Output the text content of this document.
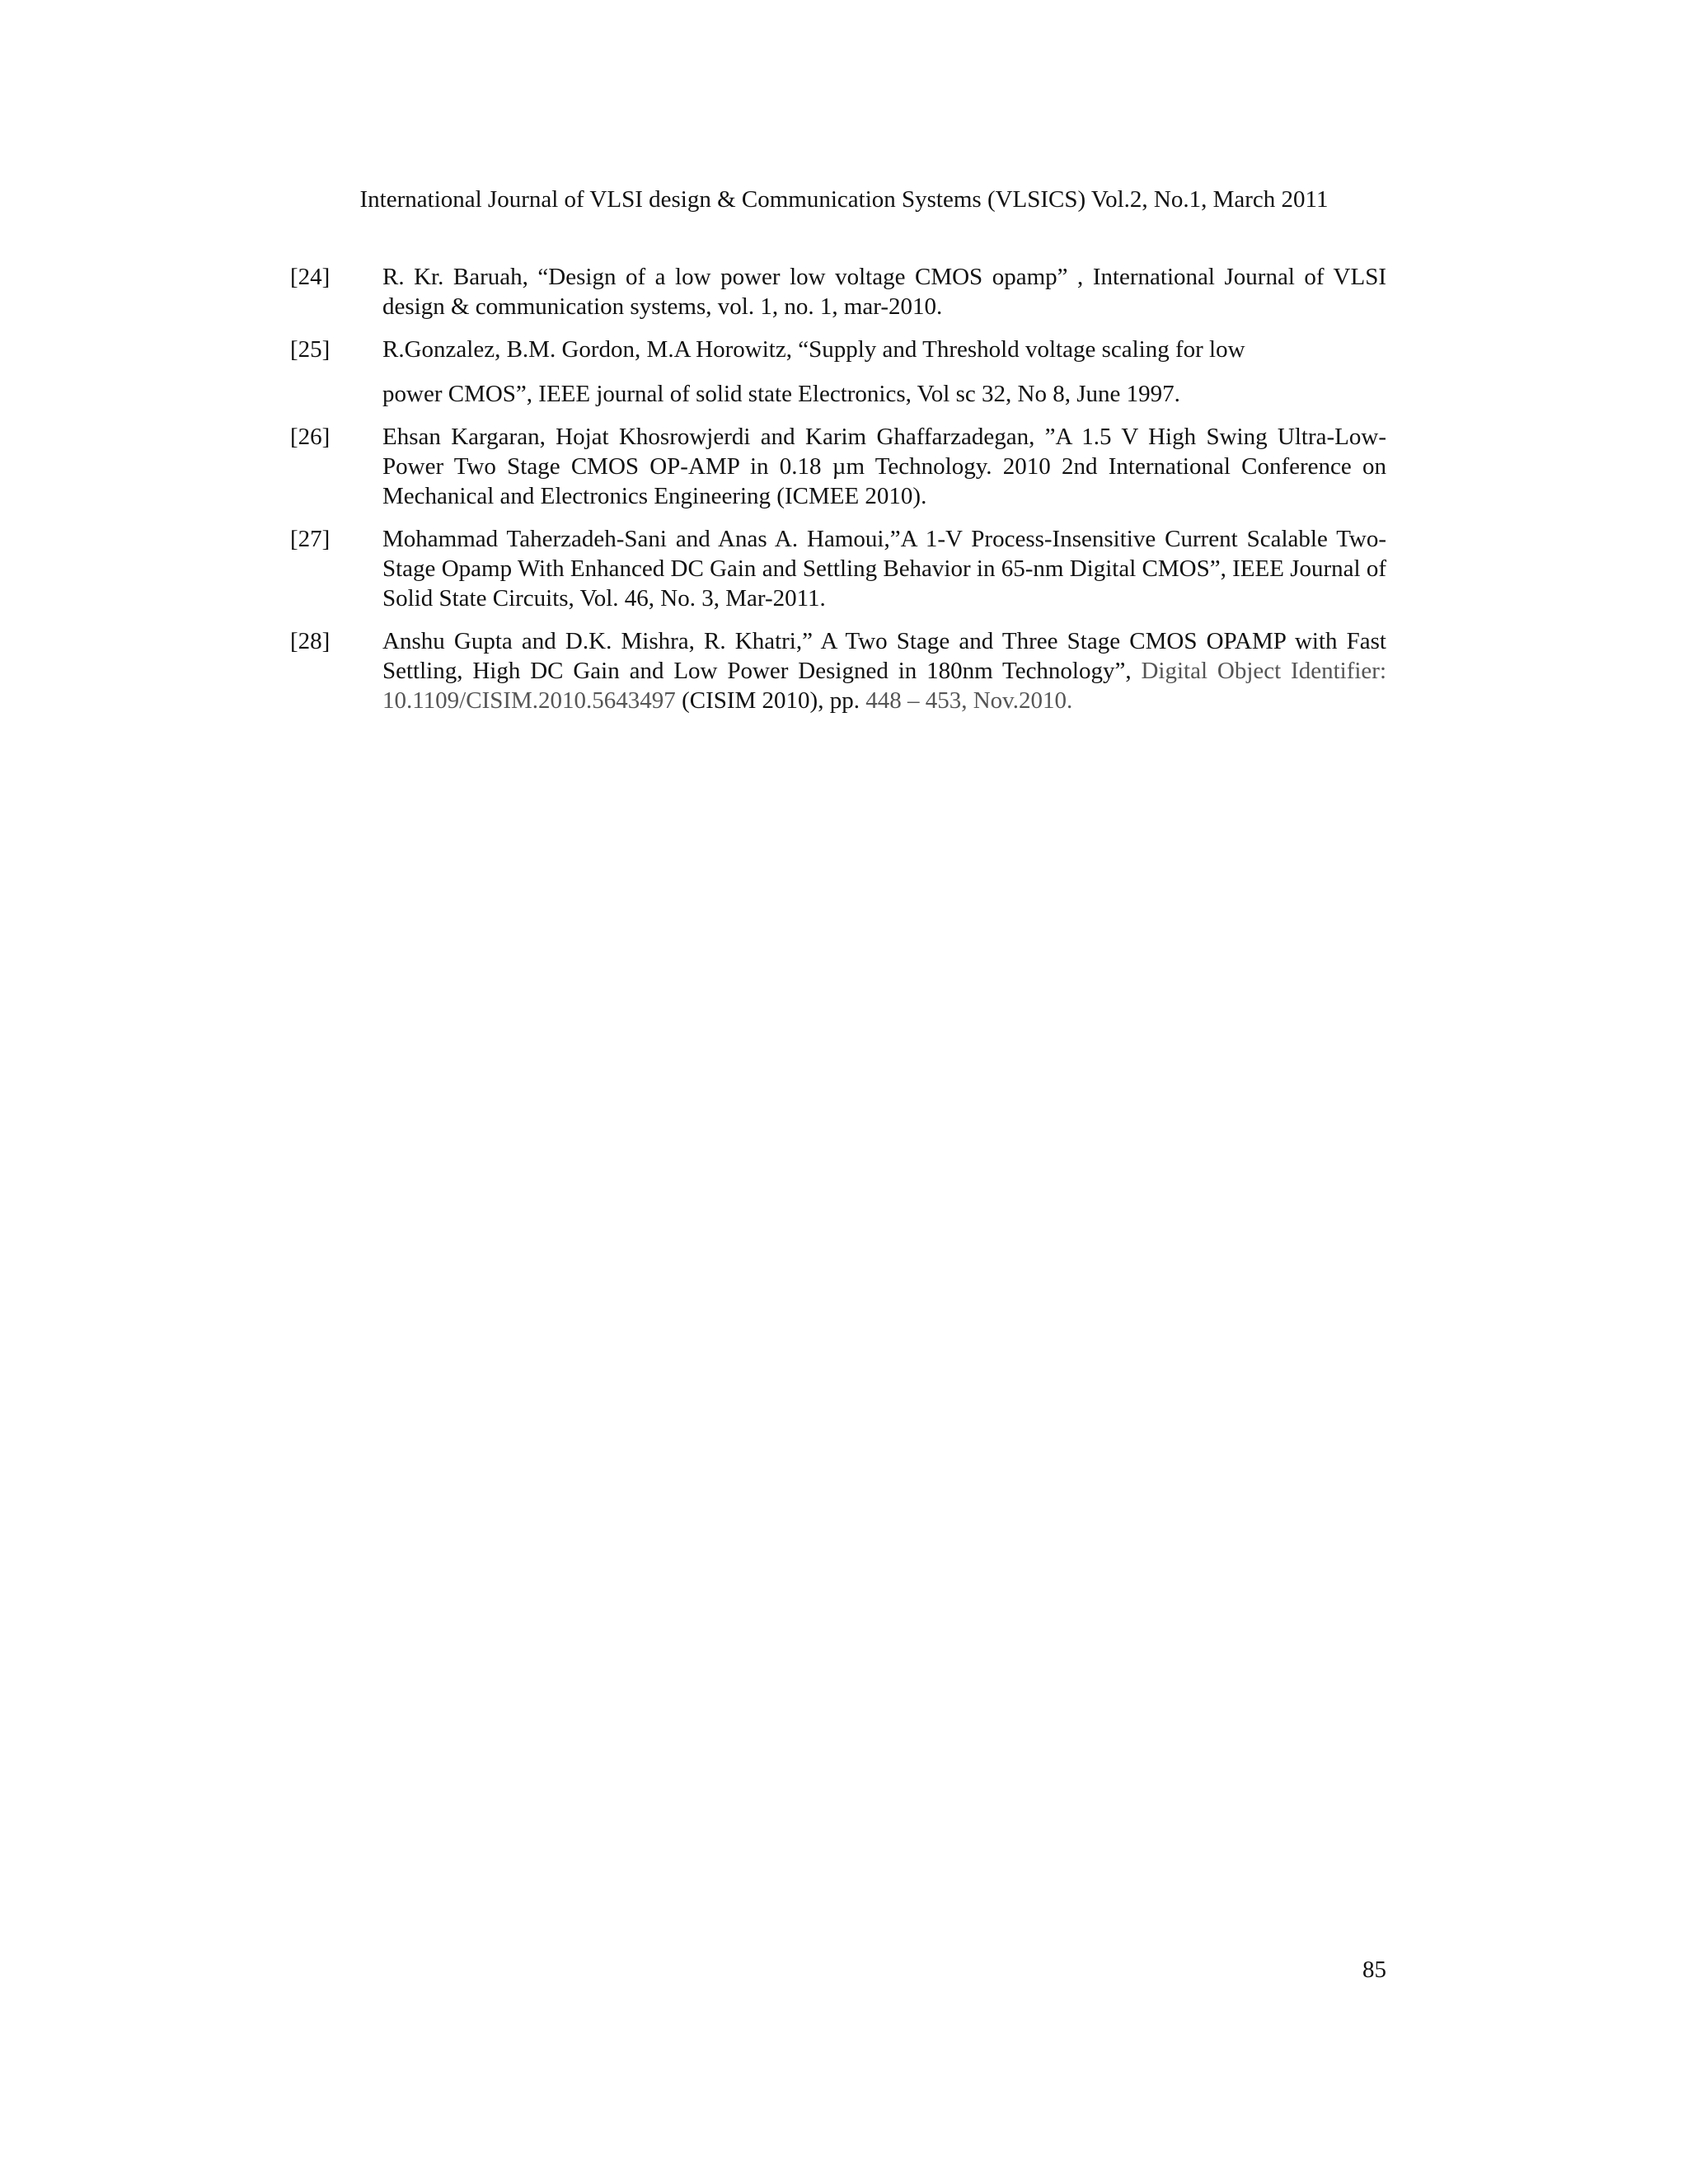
International Journal of VLSI design & Communication Systems (VLSICS) Vol.2, No.1, March 2011
[24]	R. Kr. Baruah, “Design of a low power low voltage CMOS opamp” , International Journal of VLSI design & communication systems, vol. 1, no. 1, mar-2010.
[25]	R.Gonzalez, B.M. Gordon, M.A Horowitz, “Supply and Threshold voltage scaling for low
power CMOS”, IEEE journal of solid state Electronics, Vol sc 32, No 8, June 1997.
[26]	Ehsan Kargaran, Hojat Khosrowjerdi and Karim Ghaffarzadegan, ”A 1.5 V High Swing Ultra-Low-Power Two Stage CMOS OP-AMP in 0.18 µm Technology. 2010 2nd International Conference on Mechanical and Electronics Engineering (ICMEE 2010).
[27]	Mohammad Taherzadeh-Sani and Anas A. Hamoui,”A 1-V Process-Insensitive Current Scalable Two-Stage Opamp With Enhanced DC Gain and Settling Behavior in 65-nm Digital CMOS”, IEEE Journal of Solid State Circuits, Vol. 46, No. 3, Mar-2011.
[28]	Anshu Gupta and D.K. Mishra, R. Khatri,” A Two Stage and Three Stage CMOS OPAMP with Fast Settling, High DC Gain and Low Power Designed in 180nm Technology”, Digital Object Identifier: 10.1109/CISIM.2010.5643497 (CISIM 2010), pp. 448 – 453, Nov.2010.
85
